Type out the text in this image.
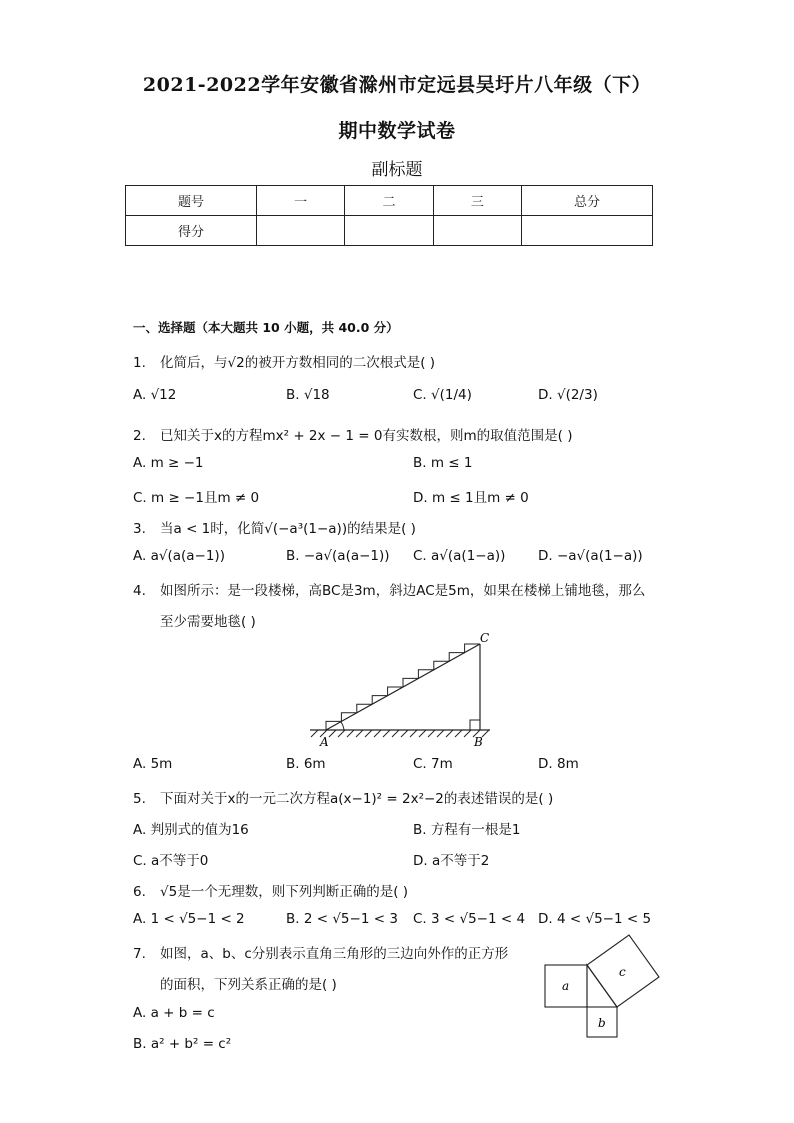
2021-2022学年安徽省滁州市定远县吴圩片八年级（下）
期中数学试卷
副标题
题号	一	二	三	总分
得分				
一、选择题（本大题共 10 小题，共 40.0 分）
1. 化简后，与√2的被开方数相同的二次根式是( )
A. √12	B. √18	C. √(1/4)	D. √(2/3)
2. 已知关于x的方程mx² + 2x − 1 = 0有实数根，则m的取值范围是( )
A. m ≥ −1	B. m ≤ 1
C. m ≥ −1且m ≠ 0	D. m ≤ 1且m ≠ 0
3. 当a < 1时，化简√(−a³(1−a))的结果是( )
A. a√(a(a−1))	B. −a√(a(a−1)) C. a√(a(1−a)) D. −a√(a(1−a))
4. 如图所示：是一段楼梯，高BC是3m，斜边AC是5m，如果在楼梯上铺地毯，那么
至少需要地毯( )
A	B
C
A. 5m	B. 6m	C. 7m	D. 8m
5. 下面对关于x的一元二次方程a(x−1)² = 2x²−2的表述错误的是( )
A. 判别式的值为16	B. 方程有一根是1
C. a不等于0	D. a不等于2
6. √5是一个无理数，则下列判断正确的是( )
A. 1 < √5−1 < 2	B. 2 < √5−1 < 3 C. 3 < √5−1 < 4 D. 4 < √5−1 < 5
7. 如图，a、b、c分别表示直角三角形的三边向外作的正方形
的面积，下列关系正确的是( )
A. a + b = c
B. a² + b² = c²
a
b
c
